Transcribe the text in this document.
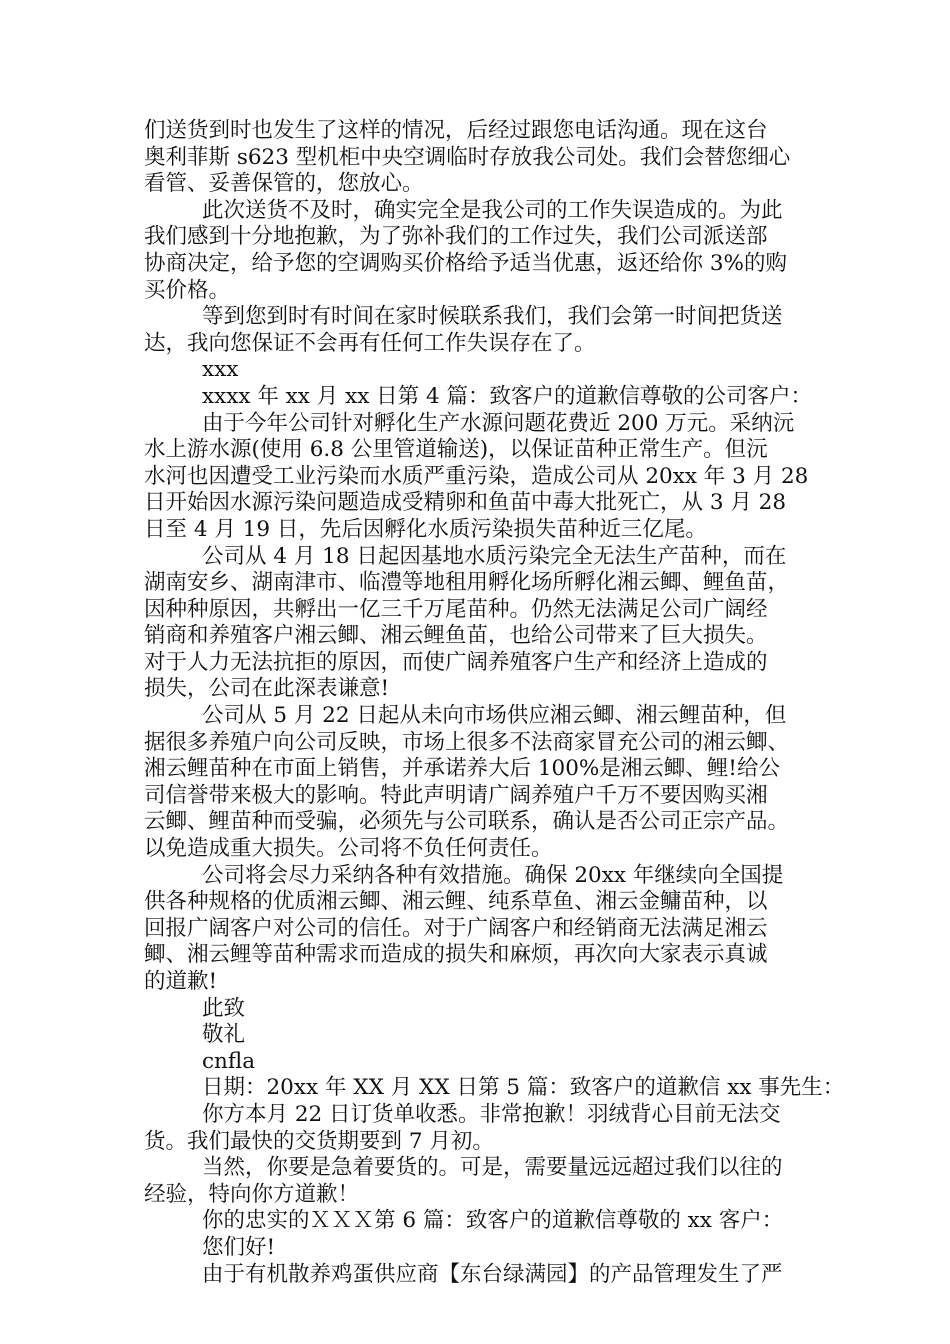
们送货到时也发生了这样的情况，后经过跟您电话沟通。现在这台
奥利菲斯 s623 型机柜中央空调临时存放我公司处。我们会替您细心
看管、妥善保管的，您放心。
此次送货不及时，确实完全是我公司的工作失误造成的。为此
我们感到十分地抱歉，为了弥补我们的工作过失，我们公司派送部
协商决定，给予您的空调购买价格给予适当优惠，返还给你 3%的购
买价格。
等到您到时有时间在家时候联系我们，我们会第一时间把货送
达，我向您保证不会再有任何工作失误存在了。
xxx
xxxx 年 xx 月 xx 日第 4 篇：致客户的道歉信尊敬的公司客户：
由于今年公司针对孵化生产水源问题花费近 200 万元。采纳沅
水上游水源(使用 6.8 公里管道输送)，以保证苗种正常生产。但沅
水河也因遭受工业污染而水质严重污染，造成公司从 20xx 年 3 月 28
日开始因水源污染问题造成受精卵和鱼苗中毒大批死亡，从 3 月 28
日至 4 月 19 日，先后因孵化水质污染损失苗种近三亿尾。
公司从 4 月 18 日起因基地水质污染完全无法生产苗种，而在
湖南安乡、湖南津市、临澧等地租用孵化场所孵化湘云鲫、鲤鱼苗，
因种种原因，共孵出一亿三千万尾苗种。仍然无法满足公司广阔经
销商和养殖客户湘云鲫、湘云鲤鱼苗，也给公司带来了巨大损失。
对于人力无法抗拒的原因，而使广阔养殖客户生产和经济上造成的
损失，公司在此深表谦意!
公司从 5 月 22 日起从未向市场供应湘云鲫、湘云鲤苗种，但
据很多养殖户向公司反映，市场上很多不法商家冒充公司的湘云鲫、
湘云鲤苗种在市面上销售，并承诺养大后 100%是湘云鲫、鲤!给公
司信誉带来极大的影响。特此声明请广阔养殖户千万不要因购买湘
云鲫、鲤苗种而受骗，必须先与公司联系，确认是否公司正宗产品。
以免造成重大损失。公司将不负任何责任。
公司将会尽力采纳各种有效措施。确保 20xx 年继续向全国提
供各种规格的优质湘云鲫、湘云鲤、纯系草鱼、湘云金鳙苗种，以
回报广阔客户对公司的信任。对于广阔客户和经销商无法满足湘云
鲫、湘云鲤等苗种需求而造成的损失和麻烦，再次向大家表示真诚
的道歉!
此致
敬礼
cnfla
日期：20xx 年 XX 月 XX 日第 5 篇：致客户的道歉信 xx 事先生：
你方本月 22 日订货单收悉。非常抱歉！羽绒背心目前无法交
货。我们最快的交货期要到 7 月初。
当然，你要是急着要货的。可是，需要量远远超过我们以往的
经验，特向你方道歉！
你的忠实的ＸＸＸ第 6 篇：致客户的道歉信尊敬的 xx 客户：
您们好!
由于有机散养鸡蛋供应商【东台绿满园】的产品管理发生了严
